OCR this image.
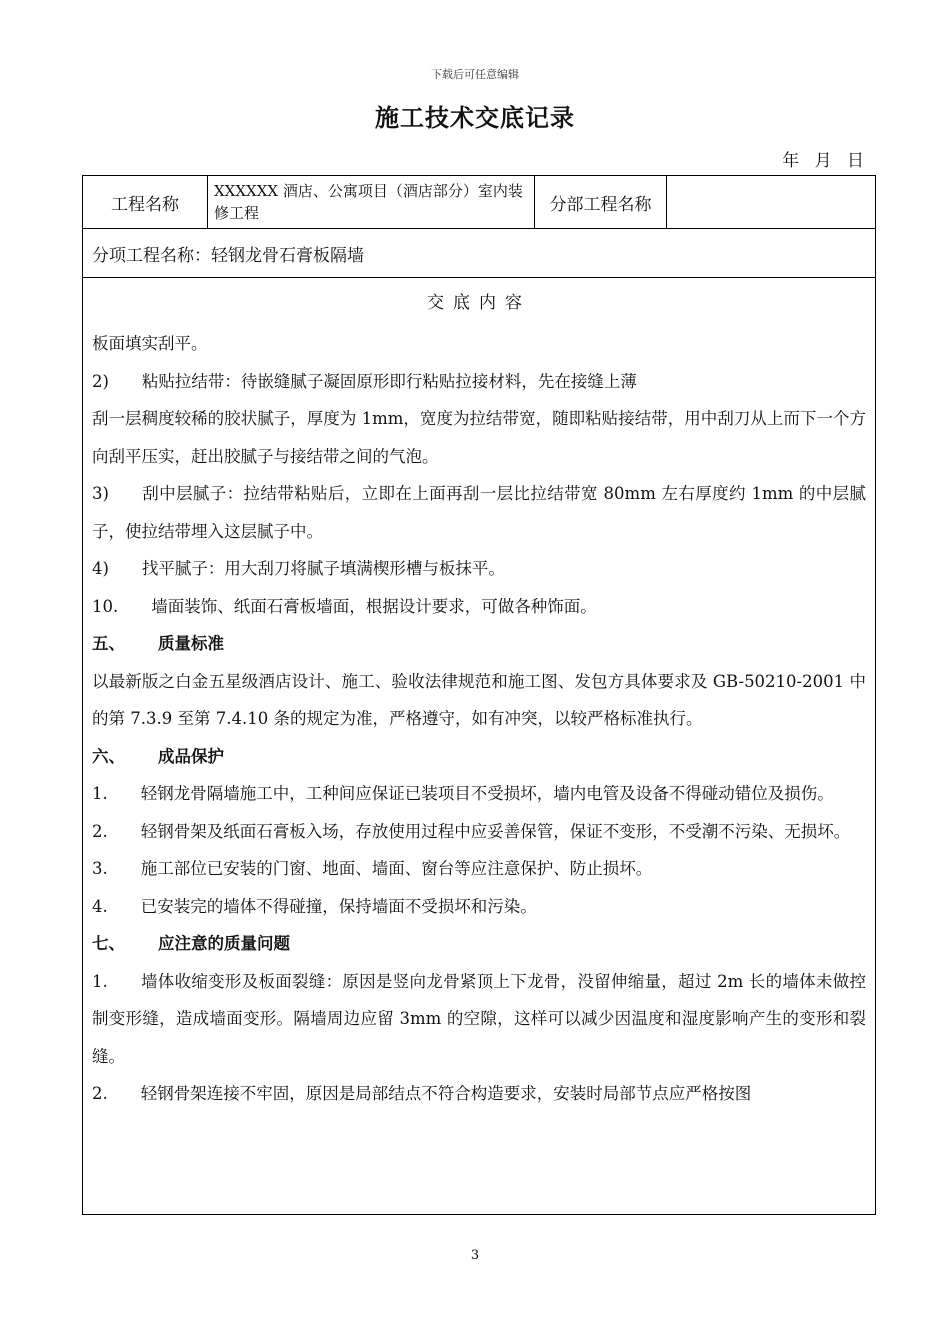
下载后可任意编辑
施工技术交底记录
年 月 日
工程名称
XXXXXX 酒店、公寓项目（酒店部分）室内装修工程	分部工程名称
分项工程名称：轻钢龙骨石膏板隔墙
交底内容
板面填实刮平。
2)  粘贴拉结带：待嵌缝腻子凝固原形即行粘贴拉接材料，先在接缝上薄
刮一层稠度较稀的胶状腻子，厚度为 1mm，宽度为拉结带宽，随即粘贴接结带，用中刮刀从上而下一个方向刮平压实，赶出胶腻子与接结带之间的气泡。
3)  刮中层腻子：拉结带粘贴后，立即在上面再刮一层比拉结带宽 80mm 左右厚度约 1mm 的中层腻子，使拉结带埋入这层腻子中。
4)  找平腻子：用大刮刀将腻子填满楔形槽与板抹平。
10.  墙面装饰、纸面石膏板墙面，根据设计要求，可做各种饰面。
五、  质量标准
以最新版之白金五星级酒店设计、施工、验收法律规范和施工图、发包方具体要求及 GB-50210-2001 中的第 7.3.9 至第 7.4.10 条的规定为准，严格遵守，如有冲突，以较严格标准执行。
六、  成品保护
1.  轻钢龙骨隔墙施工中，工种间应保证已装项目不受损坏，墙内电管及设备不得碰动错位及损伤。
2.  轻钢骨架及纸面石膏板入场，存放使用过程中应妥善保管，保证不变形，不受潮不污染、无损坏。
3.  施工部位已安装的门窗、地面、墙面、窗台等应注意保护、防止损坏。
4.  已安装完的墙体不得碰撞，保持墙面不受损坏和污染。
七、  应注意的质量问题
1.  墙体收缩变形及板面裂缝：原因是竖向龙骨紧顶上下龙骨，没留伸缩量，超过 2m 长的墙体未做控制变形缝，造成墙面变形。隔墙周边应留 3mm 的空隙，这样可以减少因温度和湿度影响产生的变形和裂缝。
2.  轻钢骨架连接不牢固，原因是局部结点不符合构造要求，安装时局部节点应严格按图
3
